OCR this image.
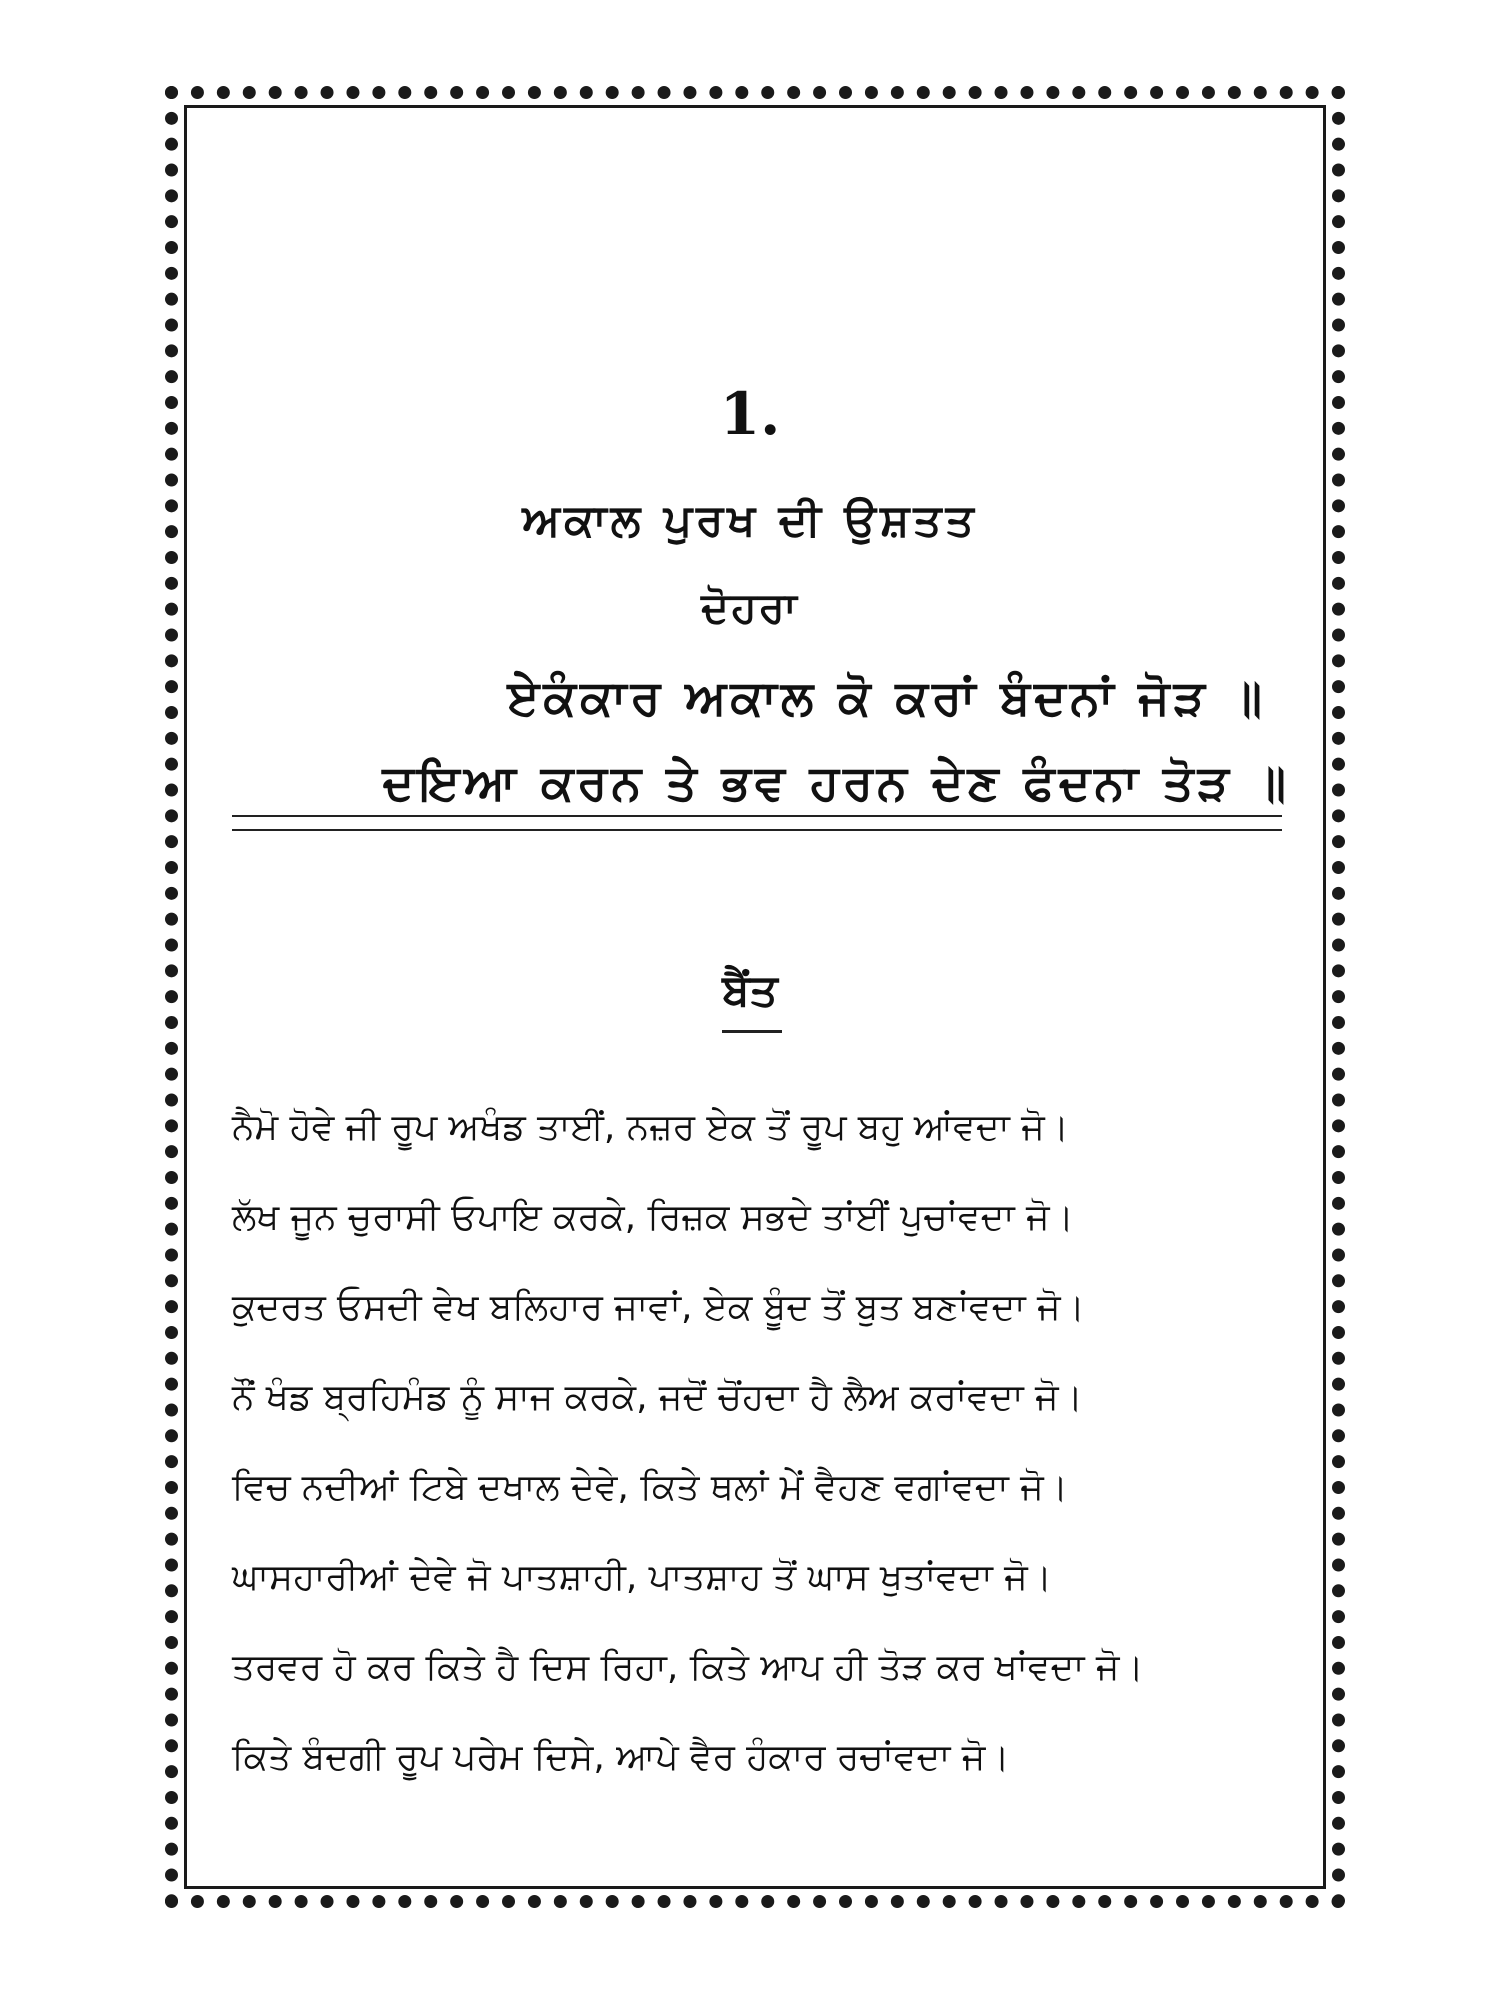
1.
ਅਕਾਲ ਪੁਰਖ ਦੀ ਉਸ਼ਤਤ
ਦੋਹਰਾ
ਏਕੰਕਾਰ ਅਕਾਲ ਕੋ ਕਰਾਂ ਬੰਦਨਾਂ ਜੋੜ ॥
ਦਇਆ ਕਰਨ ਤੇ ਭਵ ਹਰਨ ਦੇਣ ਫੰਦਨਾ ਤੋੜ ॥
ਬੈਂਤ
ਨੈਮੋ ਹੋਵੇ ਜੀ ਰੂਪ ਅਖੰਡ ਤਾਈਂ, ਨਜ਼ਰ ਏਕ ਤੋਂ ਰੂਪ ਬਹੁ ਆਂਵਦਾ ਜੋ।
ਲੱਖ ਜੂਨ ਚੁਰਾਸੀ ਓਪਾਇ ਕਰਕੇ, ਰਿਜ਼ਕ ਸਭਦੇ ਤਾਂਈਂ ਪੁਚਾਂਵਦਾ ਜੋ।
ਕੁਦਰਤ ਓਸਦੀ ਵੇਖ ਬਲਿਹਾਰ ਜਾਵਾਂ, ਏਕ ਬੂੰਦ ਤੋਂ ਬੁਤ ਬਣਾਂਵਦਾ ਜੋ।
ਨੌਂ ਖੰਡ ਬ੍ਰਹਿਮੰਡ ਨੂੰ ਸਾਜ ਕਰਕੇ, ਜਦੋਂ ਚੋਂਹਦਾ ਹੈ ਲੈਅ ਕਰਾਂਵਦਾ ਜੋ।
ਵਿਚ ਨਦੀਆਂ ਟਿਬੇ ਦਖਾਲ ਦੇਵੇ, ਕਿਤੇ ਥਲਾਂ ਮੇਂ ਵੈਹਣ ਵਗਾਂਵਦਾ ਜੋ।
ਘਾਸਹਾਰੀਆਂ ਦੇਵੇ ਜੋ ਪਾਤਸ਼ਾਹੀ, ਪਾਤਸ਼ਾਹ ਤੋਂ ਘਾਸ ਖੁਤਾਂਵਦਾ ਜੋ।
ਤਰਵਰ ਹੋ ਕਰ ਕਿਤੇ ਹੈ ਦਿਸ ਰਿਹਾ, ਕਿਤੇ ਆਪ ਹੀ ਤੋੜ ਕਰ ਖਾਂਵਦਾ ਜੋ।
ਕਿਤੇ ਬੰਦਗੀ ਰੂਪ ਪਰੇਮ ਦਿਸੇ, ਆਪੇ ਵੈਰ ਹੰਕਾਰ ਰਚਾਂਵਦਾ ਜੋ।
